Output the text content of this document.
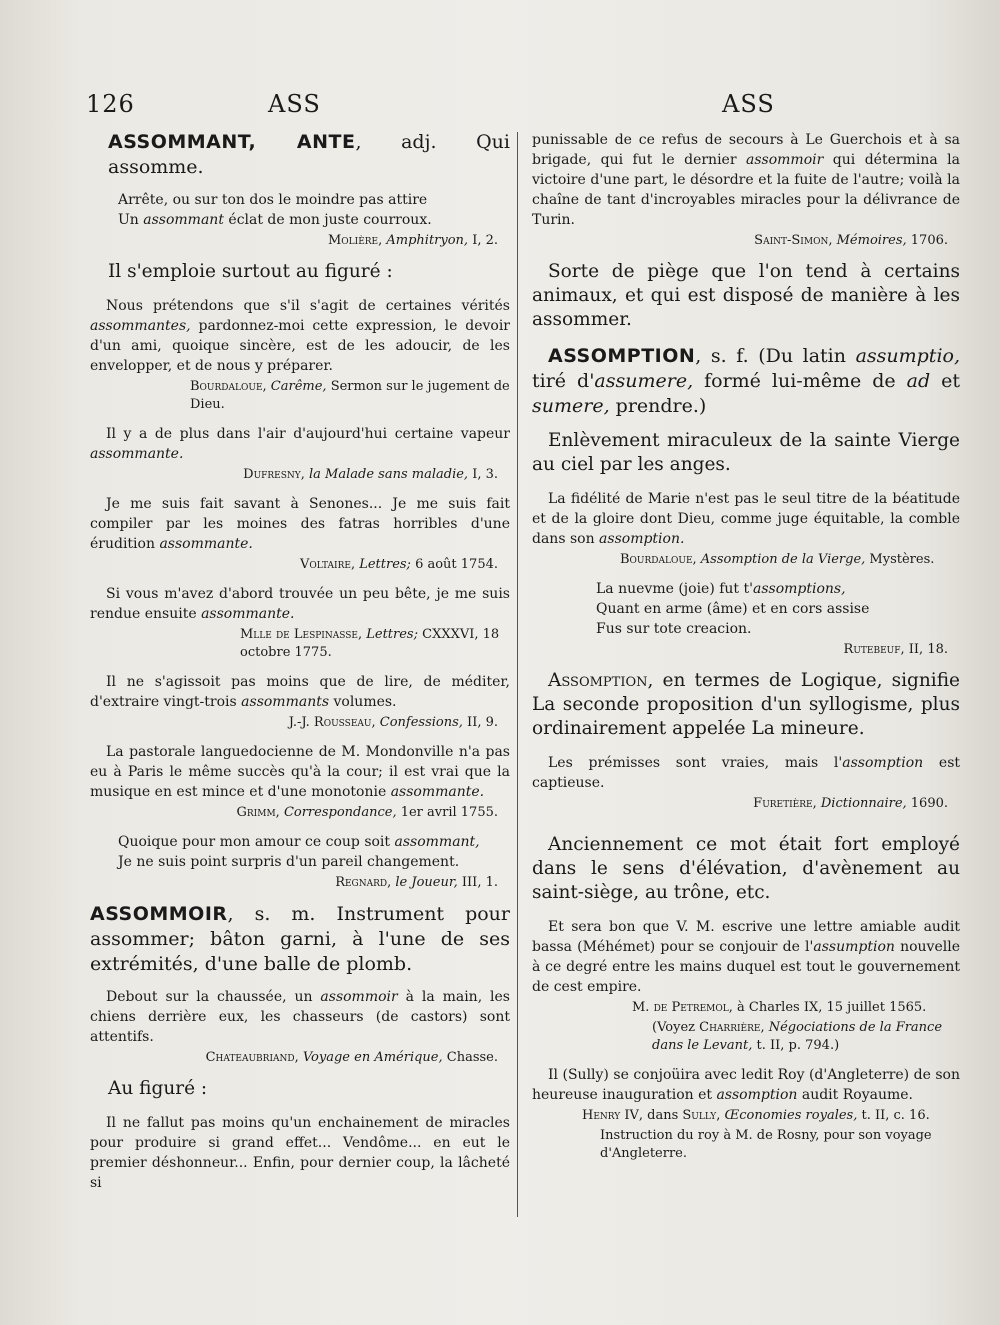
126	ASS	ASS

ASSOMMANT, ANTE, adj. Qui assomme.

Arrête, ou sur ton dos le moindre pas attire
Un assommant éclat de mon juste courroux.

Molière, Amphitryon, I, 2.

Il s'emploie surtout au figuré :

Nous prétendons que s'il s'agit de certaines vérités assommantes, pardonnez-moi cette expression, le devoir d'un ami, quoique sincère, est de les adoucir, de les envelopper, et de nous y préparer.

Bourdaloue, Carême, Sermon sur le jugement de Dieu.

Il y a de plus dans l'air d'aujourd'hui certaine vapeur assommante.

Dufresny, la Malade sans maladie, I, 3.

Je me suis fait savant à Senones... Je me suis fait compiler par les moines des fatras horribles d'une érudition assommante.

Voltaire, Lettres; 6 août 1754.

Si vous m'avez d'abord trouvée un peu bête, je me suis rendue ensuite assommante.

Mlle de Lespinasse, Lettres; CXXXVI, 18 octobre 1775.

Il ne s'agissoit pas moins que de lire, de méditer, d'extraire vingt-trois assommants volumes.

J.-J. Rousseau, Confessions, II, 9.

La pastorale languedocienne de M. Mondonville n'a pas eu à Paris le même succès qu'à la cour; il est vrai que la musique en est mince et d'une monotonie assommante.

Grimm, Correspondance, 1er avril 1755.

Quoique pour mon amour ce coup soit assommant,
Je ne suis point surpris d'un pareil changement.

Regnard, le Joueur, III, 1.

ASSOMMOIR, s. m. Instrument pour assommer; bâton garni, à l'une de ses extrémités, d'une balle de plomb.

Debout sur la chaussée, un assommoir à la main, les chiens derrière eux, les chasseurs (de castors) sont attentifs.

Chateaubriand, Voyage en Amérique, Chasse.

Au figuré :

Il ne fallut pas moins qu'un enchainement de miracles pour produire si grand effet... Vendôme... en eut le premier déshonneur... Enfin, pour dernier coup, la lâcheté si

punissable de ce refus de secours à Le Guerchois et à sa brigade, qui fut le dernier assommoir qui détermina la victoire d'une part, le désordre et la fuite de l'autre; voilà la chaîne de tant d'incroyables miracles pour la délivrance de Turin.

Saint-Simon, Mémoires, 1706.

Sorte de piège que l'on tend à certains animaux, et qui est disposé de manière à les assommer.

ASSOMPTION, s. f. (Du latin assumptio, tiré d'assumere, formé lui-même de ad et sumere, prendre.)

Enlèvement miraculeux de la sainte Vierge au ciel par les anges.

La fidélité de Marie n'est pas le seul titre de la béatitude et de la gloire dont Dieu, comme juge équitable, la comble dans son assomption.

Bourdaloue, Assomption de la Vierge, Mystères.

La nuevme (joie) fut t'assomptions,
Quant en arme (âme) et en cors assise
Fus sur tote creacion.

Rutebeuf, II, 18.

Assomption, en termes de Logique, signifie La seconde proposition d'un syllogisme, plus ordinairement appelée La mineure.

Les prémisses sont vraies, mais l'assomption est captieuse.

Furetière, Dictionnaire, 1690.

Anciennement ce mot était fort employé dans le sens d'élévation, d'avènement au saint-siège, au trône, etc.

Et sera bon que V. M. escrive une lettre amiable audit bassa (Méhémet) pour se conjouir de l'assumption nouvelle à ce degré entre les mains duquel est tout le gouvernement de cest empire.

M. de Petremol, à Charles IX, 15 juillet 1565.

(Voyez Charrière, Négociations de la France dans le Levant, t. II, p. 794.)

Il (Sully) se conjoüira avec ledit Roy (d'Angleterre) de son heureuse inauguration et assomption audit Royaume.

Henry IV, dans Sully, Œconomies royales, t. II, c. 16.

Instruction du roy à M. de Rosny, pour son voyage d'Angleterre.
